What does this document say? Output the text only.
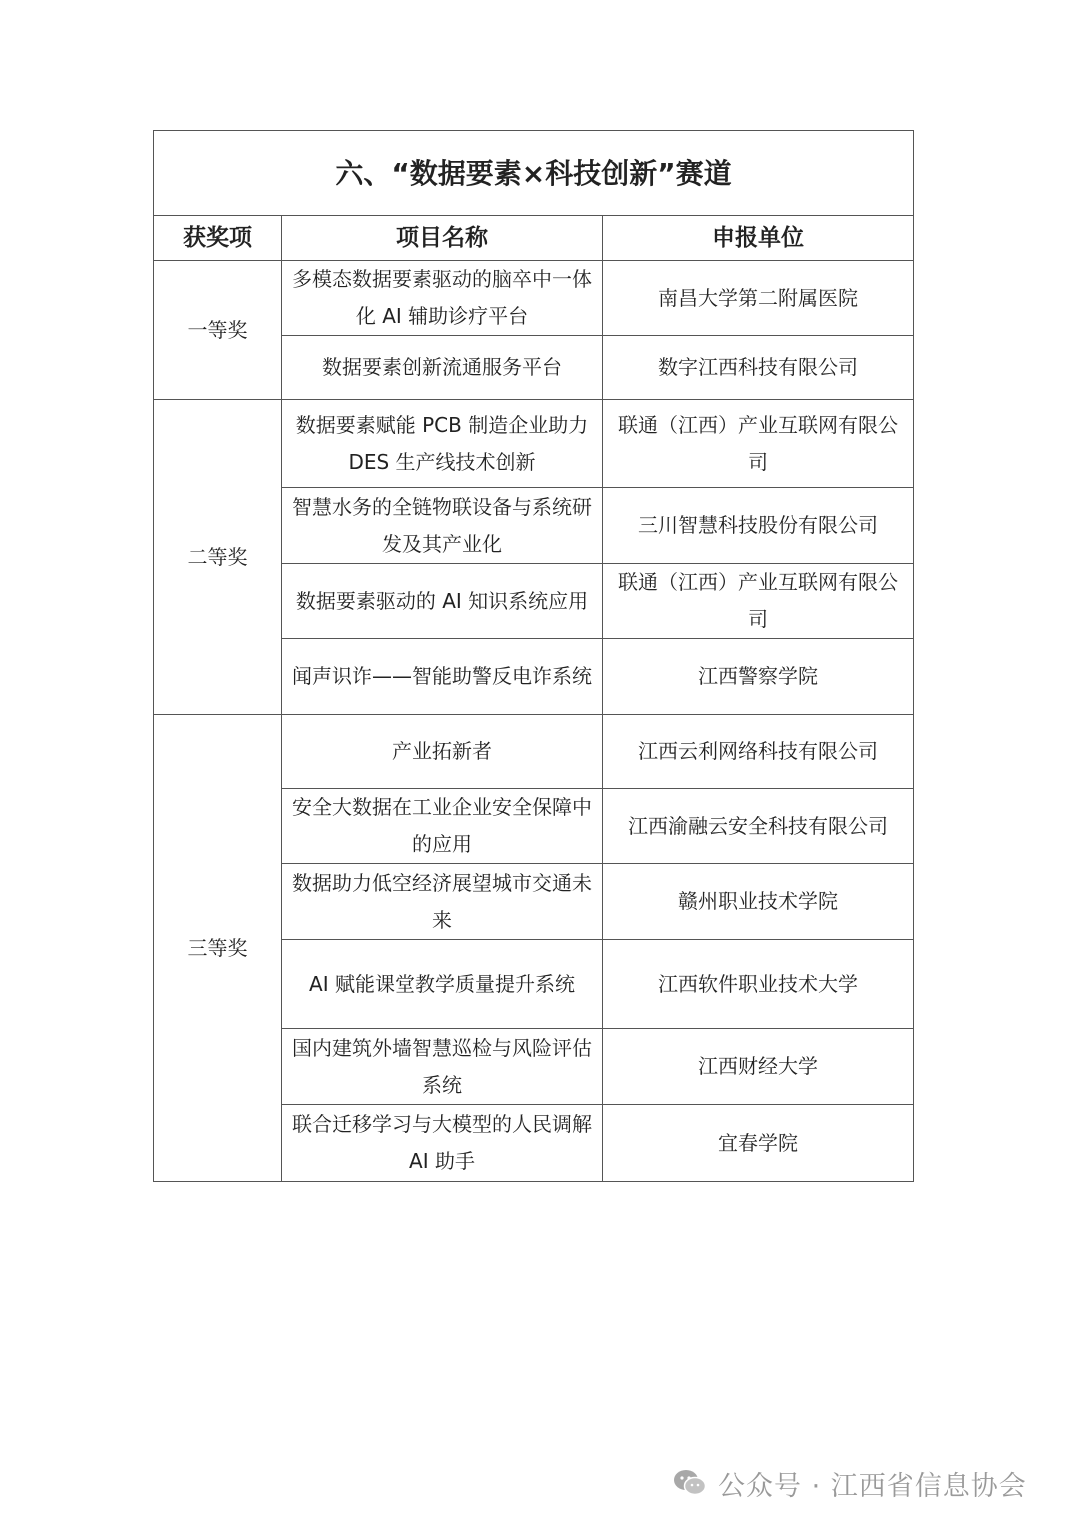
六、“数据要素×科技创新”赛道		
获奖项	项目名称	申报单位
一等奖	多模态数据要素驱动的脑卒中一体化 AI 辅助诊疗平台	南昌大学第二附属医院
	数据要素创新流通服务平台	数字江西科技有限公司
二等奖	数据要素赋能 PCB 制造企业助力 DES 生产线技术创新	联通（江西）产业互联网有限公司
	智慧水务的全链物联设备与系统研发及其产业化	三川智慧科技股份有限公司
	数据要素驱动的 AI 知识系统应用	联通（江西）产业互联网有限公司
	闻声识诈——智能助警反电诈系统	江西警察学院
三等奖	产业拓新者	江西云利网络科技有限公司
	安全大数据在工业企业安全保障中的应用	江西渝融云安全科技有限公司
	数据助力低空经济展望城市交通未来	赣州职业技术学院
	AI 赋能课堂教学质量提升系统	江西软件职业技术大学
	国内建筑外墙智慧巡检与风险评估系统	江西财经大学
	联合迁移学习与大模型的人民调解 AI 助手	宜春学院
公众号 · 江西省信息协会
